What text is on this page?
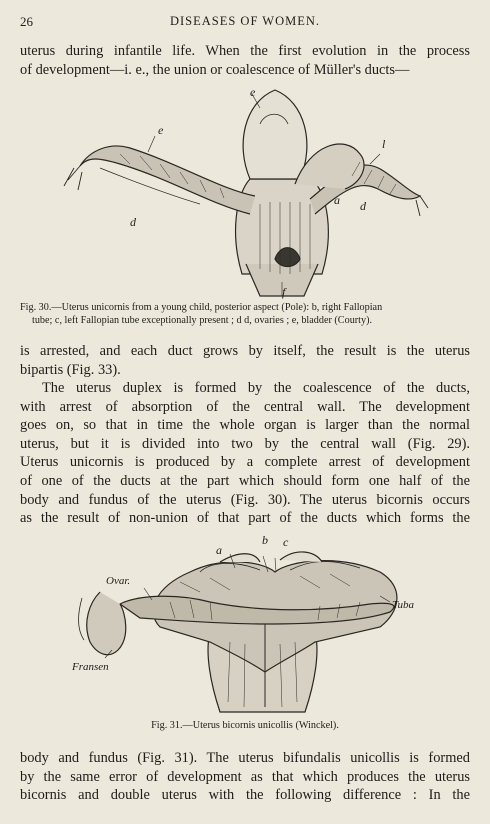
26	DISEASES OF WOMEN.

uterus during infantile life. When the first evolution in the process
of development—i. e., the union or coalescence of Müller's ducts—

e
e
l
d
a d
f
Fig. 30.—Uterus unicornis from a young child, posterior aspect (Pole): b, right Fallopian
tube; c, left Fallopian tube exceptionally present ; d d, ovaries ; e, bladder (Courty).

is arrested, and each duct grows by itself, the result is the uterus
bipartis (Fig. 33).

The uterus duplex is formed by the coalescence of the ducts,
with arrest of absorption of the central wall. The development
goes on, so that in time the whole organ is larger than the normal
uterus, but it is divided into two by the central wall (Fig. 29).
Uterus unicornis is produced by a complete arrest of development
of one of the ducts at the part which should form one half of the
body and fundus of the uterus (Fig. 30). The uterus bicornis occurs
as the result of non-union of that part of the ducts which forms the

a
b c
Ovar.
Tuba
Fransen
Fig. 31.—Uterus bicornis unicollis (Winckel).

body and fundus (Fig. 31). The uterus bifundalis unicollis is formed
by the same error of development as that which produces the uterus
bicornis and double uterus with the following difference : In the
